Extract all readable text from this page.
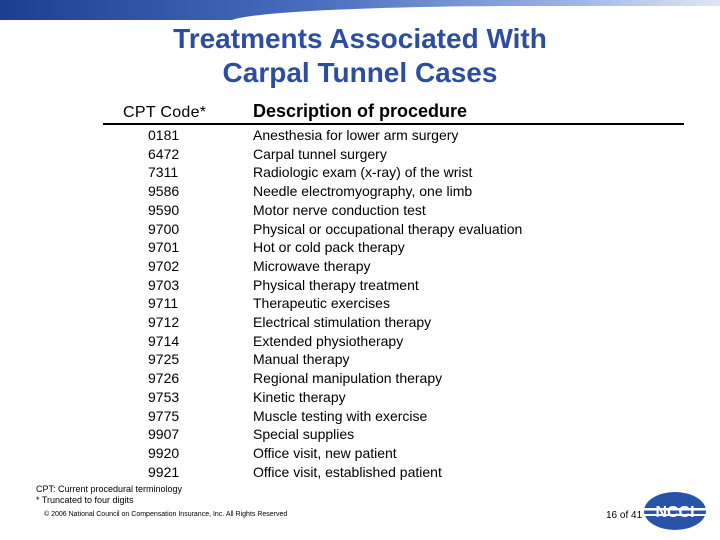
Treatments Associated With
Carpal Tunnel Cases
CPT Code*	Description of procedure
0181	Anesthesia for lower arm surgery
6472	Carpal tunnel surgery
7311	Radiologic exam (x-ray) of the wrist
9586	Needle electromyography, one limb
9590	Motor nerve conduction test
9700	Physical or occupational therapy evaluation
9701	Hot or cold pack therapy
9702	Microwave therapy
9703	Physical therapy treatment
9711	Therapeutic exercises
9712	Electrical stimulation therapy
9714	Extended physiotherapy
9725	Manual therapy
9726	Regional manipulation therapy
9753	Kinetic therapy
9775	Muscle testing with exercise
9907	Special supplies
9920	Office visit, new patient
9921	Office visit, established patient
CPT: Current procedural terminology
* Truncated to four digits
© 2006 National Council on Compensation Insurance, Inc. All Rights Reserved	16 of 41 NCCI
